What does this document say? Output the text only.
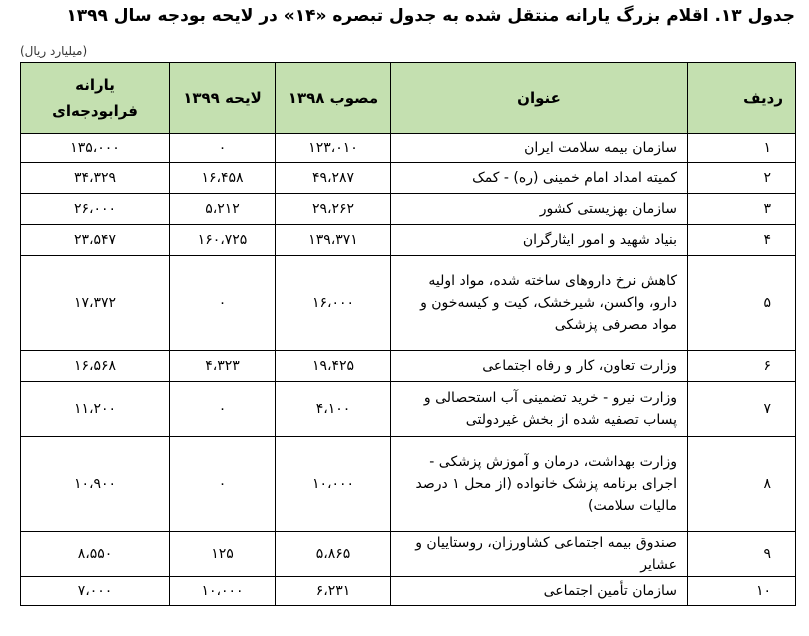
جدول ۱۳. اقلام بزرگ یارانه منتقل شده به جدول تبصره «۱۴» در لایحه بودجه سال ۱۳۹۹
(میلیارد ریال)
ردیف	عنوان	مصوب ۱۳۹۸	لایحه ۱۳۹۹	یارانه
فرابودجه‌ای

۱	سازمان بیمه سلامت ایران	۱۲۳،۰۱۰	۰	۱۳۵،۰۰۰
۲	کمیته امداد امام خمینی (ره) - کمک	۴۹،۲۸۷	۱۶،۴۵۸	۳۴،۳۲۹
۳	سازمان بهزیستی کشور	۲۹،۲۶۲	۵،۲۱۲	۲۶،۰۰۰
۴	بنیاد شهید و امور ایثارگران	۱۳۹،۳۷۱	۱۶۰،۷۲۵	۲۳،۵۴۷
۵	کاهش نرخ داروهای ساخته شده، مواد اولیه دارو، واکسن، شیرخشک، کیت و کیسه‌خون و مواد مصرفی پزشکی	۱۶،۰۰۰	۰	۱۷،۳۷۲
۶	وزارت تعاون، کار و رفاه اجتماعی	۱۹،۴۲۵	۴،۳۲۳	۱۶،۵۶۸
۷	وزارت نیرو - خرید تضمینی آب استحصالی و پساب تصفیه شده از بخش غیردولتی	۴،۱۰۰	۰	۱۱،۲۰۰
۸	وزارت بهداشت، درمان و آموزش پزشکی - اجرای برنامه پزشک خانواده (از محل ۱ درصد مالیات سلامت)	۱۰،۰۰۰	۰	۱۰،۹۰۰
۹	صندوق بیمه اجتماعی کشاورزان، روستاییان و عشایر	۵،۸۶۵	۱۲۵	۸،۵۵۰
۱۰	سازمان تأمین اجتماعی	۶،۲۳۱	۱۰،۰۰۰	۷،۰۰۰
